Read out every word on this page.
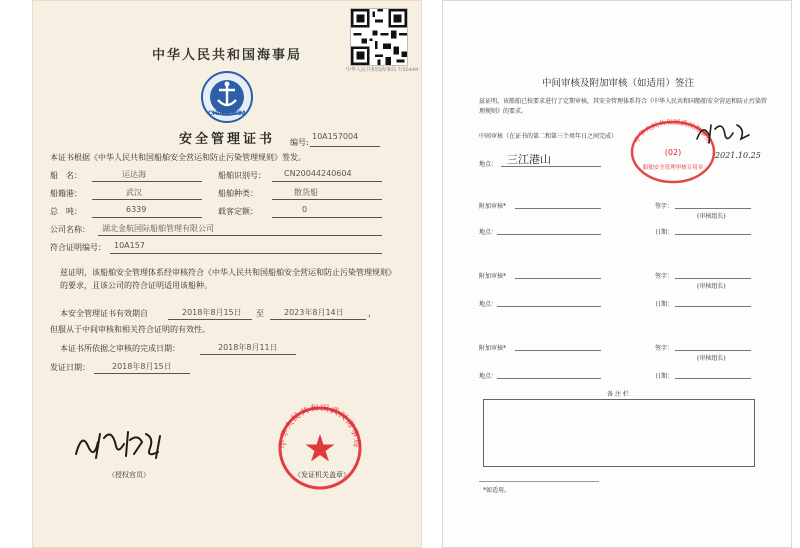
中华人民共和国海事局 7/55449
中华人民共和国海事局
CHINA MSA
安全管理证书	编号:
10A157004
本证书根据《中华人民共和国船舶安全营运和防止污染管理规则》签发。
船　名：	运达海	船舶识别号： CN20044240604
船籍港：	武汉	船舶种类：	散货船
总　吨：	6339	载客定额：	0
公司名称： 湖北金航国际船舶管理有限公司
符合证明编号： 10A157
兹证明，该船舶安全管理体系经审核符合《中华人民共和国船舶安全营运和防止污染管理规则》的要求，且该公司的符合证明适用该船种。
本安全管理证书有效期自	2018年8月15日 至	2023年8月14日	，
但服从于中间审核和相关符合证明的有效性。
本证书所依据之审核的完成日期：	2018年8月11日
发证日期：	2018年8月15日
（授权官员）
中华人民共和国武汉海事局
（发证机关盖章）
中间审核及附加审核（如适用）签注
兹证明，该船舶已按要求进行了定期审核，其安全管理体系符合《中华人民共和国船舶安全营运和防止污染管理规则》的要求。
中间审核（在证书的第二和第三个周年日之间完成）
地点： 三江港山
中华人民共和国武汉海事局
(02)
船舶安全管理审核专用章
2021.10.25
附加审核*	签字：
(审核组长)
地点：	日期：
附加审核*	签字：
(审核组长)
地点：	日期：
附加审核*	签字：
(审核组长)
地点：	日期：
备 注 栏
*如适用。
